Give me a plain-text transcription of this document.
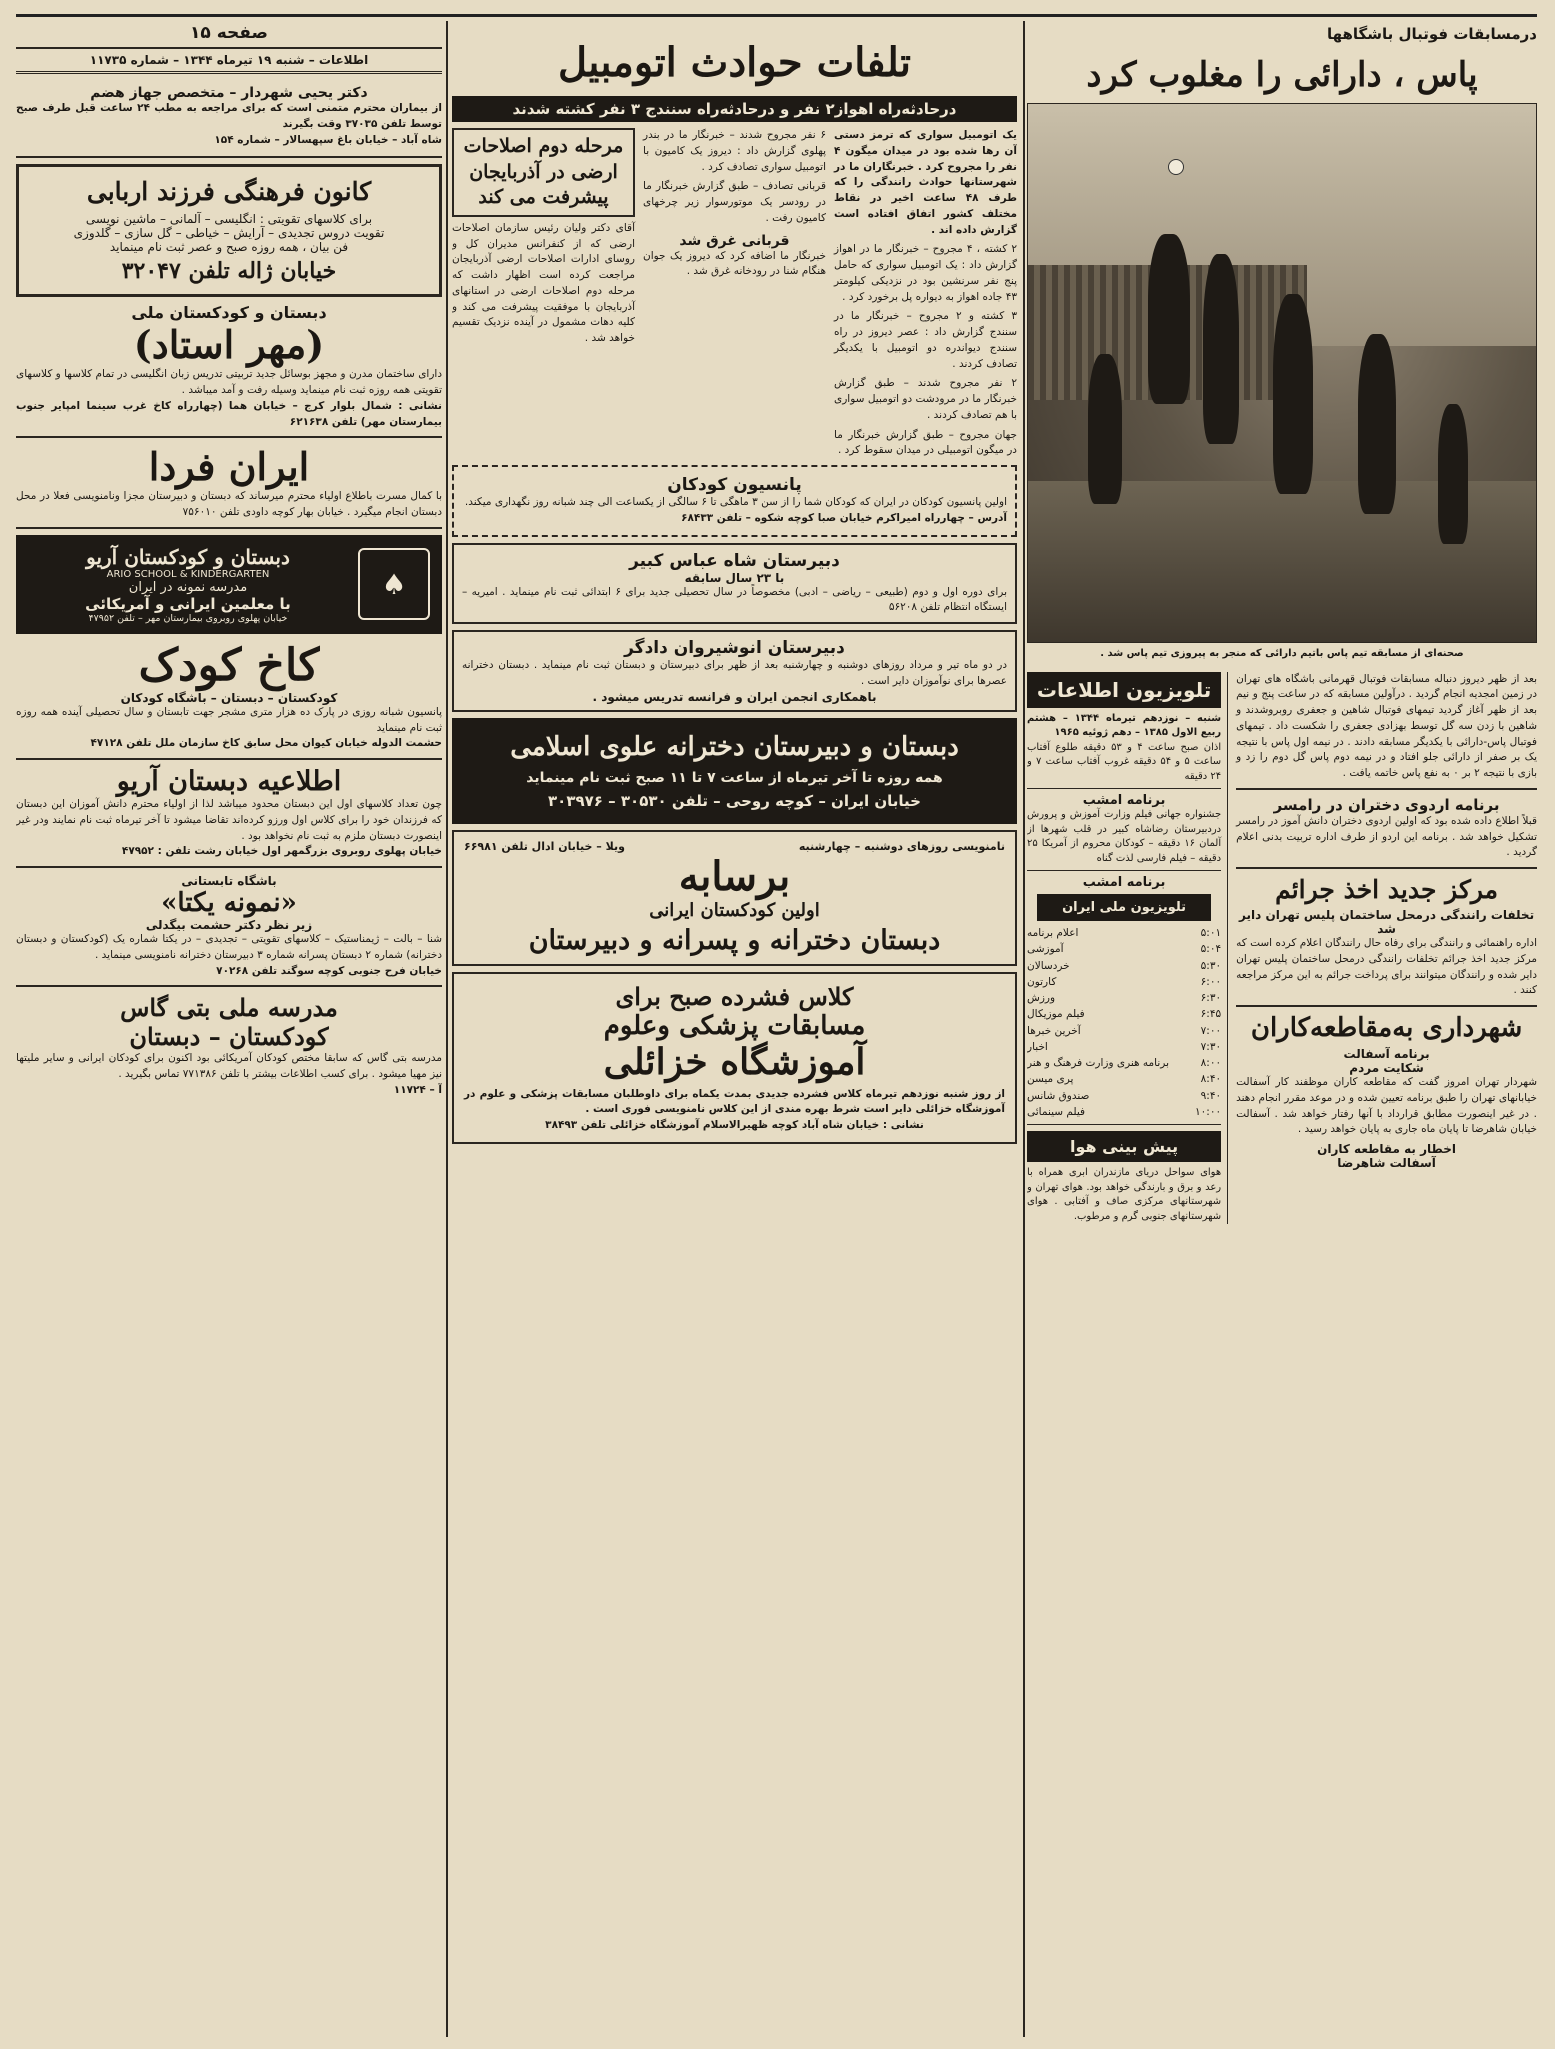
درمسابقات فوتبال باشگاهها
صفحه ۱۵
اطلاعات – شنبه ۱۹ تیرماه ۱۳۴۴ – شماره ۱۱۷۳۵	پاس ، دارائی را مغلوب کرد
صحنه‌ای از مسابقه تیم پاس باتیم دارائی که منجر به پیروزی تیم پاس شد .
بعد از ظهر دیروز دنباله مسابقات فوتبال قهرمانی باشگاه های تهران در زمین امجدیه انجام گردید . درآولین مسابقه که در ساعت پنج و نیم بعد از ظهر آغاز گردید تیمهای فوتبال شاهین و جعفری روبروشدند و شاهین با زدن سه گل توسط بهزادی جعفری را شکست داد . تیمهای فوتبال پاس-دارائی با یکدیگر مسابقه دادند . در نیمه اول پاس با نتیجه یک بر صفر از دارائی جلو افتاد و در نیمه دوم پاس گل دوم را زد و بازی با نتیجه ۲ بر ۰ به نفع پاس خاتمه یافت .
برنامه اردوی دختران در رامسر
قبلاً اطلاع داده شده بود که اولین اردوی دختران دانش آموز در رامسر تشکیل خواهد شد . برنامه این اردو از طرف اداره تربیت بدنی اعلام گردید .
مرکز جدید اخذ جرائم
تخلفات رانندگی درمحل ساختمان پلیس تهران دایر شد
اداره راهنمائی و رانندگی برای رفاه حال رانندگان اعلام کرده است که مرکز جدید اخذ جرائم تخلفات رانندگی درمحل ساختمان پلیس تهران دایر شده و رانندگان میتوانند برای پرداخت جرائم به این مرکز مراجعه کنند .
شهرداری به‌مقاطعه‌کاران
برنامه آسفالت
شکایت مردم
شهردار تهران امروز گفت که مقاطعه کاران موظفند کار آسفالت خیابانهای تهران را طبق برنامه تعیین شده و در موعد مقرر انجام دهند . در غیر اینصورت مطابق قرارداد با آنها رفتار خواهد شد . آسفالت خیابان شاهرضا تا پایان ماه جاری به پایان خواهد رسید .
اخطار به مقاطعه کاران
آسفالت شاهرضا
تلویزیون اطلاعات
شنبه – نوزدهم تیرماه ۱۳۴۴ – هشتم ربیع الاول ۱۳۸۵ – دهم ژوئیه ۱۹۶۵
اذان صبح ساعت ۴ و ۵۳ دقیقه طلوع آفتاب ساعت ۵ و ۵۴ دقیقه غروب آفتاب ساعت ۷ و ۲۴ دقیقه
برنامه امشب
جشنواره جهانی فیلم وزارت آموزش و پرورش دردبیرستان رضاشاه کبیر در قلب شهرها از آلمان ۱۶ دقیقه – کودکان محروم از آمریکا ۲۵ دقیقه – فیلم فارسی لذت گناه
برنامه امشب
تلویزیون ملی ایران
۵:۰۱
اعلام برنامه
۵:۰۴
آموزشی
۵:۳۰
خردسالان
۶:۰۰
کارتون
۶:۳۰
ورزش
۶:۴۵
فیلم موزیکال
۷:۰۰
آخرین خبرها
۷:۳۰
اخبار
۸:۰۰
برنامه هنری وزارت فرهنگ و هنر
۸:۴۰
پری میسن
۹:۴۰
صندوق شانس
۱۰:۰۰
فیلم سینمائی
پیش بینی هوا
هوای سواحل دریای مازندران ابری همراه با رعد و برق و بارندگی خواهد بود. هوای تهران و شهرستانهای مرکزی صاف و آفتابی . هوای شهرستانهای جنوبی گرم و مرطوب.
تلفات حوادث اتومبیل
درحادثه‌راه اهواز۲ نفر و درحادثه‌راه سنندج ۳ نفر کشته شدند
یک اتومبیل سواری که ترمز دستی آن رها شده بود در میدان میگون ۴ نفر را مجروح کرد . خبرنگاران ما در شهرستانها حوادث رانندگی را که طرف ۴۸ ساعت اخیر در نقاط مختلف کشور اتفاق افتاده است گزارش داده اند .
۲ کشته ، ۴ مجروح – خبرنگار ما در اهواز گزارش داد : یک اتومبیل سواری که حامل پنج نفر سرنشین بود در نزدیکی کیلومتر ۴۳ جاده اهواز به دیواره پل برخورد کرد .
۳ کشته و ۲ مجروح – خبرنگار ما در سنندج گزارش داد : عصر دیروز در راه سنندج دیواندره دو اتومبیل با یکدیگر تصادف کردند .
۲ نفر مجروح شدند – طبق گزارش خبرنگار ما در مرودشت دو اتومبیل سواری با هم تصادف کردند .
جهان مجروح – طبق گزارش خبرنگار ما در میگون اتومبیلی در میدان سقوط کرد .
۶ نفر مجروح شدند – خبرنگار ما در بندر پهلوی گزارش داد : دیروز یک کامیون با اتومبیل سواری تصادف کرد .
قربانی تصادف – طبق گزارش خبرنگار ما در رودسر یک موتورسوار زیر چرخهای کامیون رفت .
قربانی غرق شد
خبرنگار ما اضافه کرد که دیروز یک جوان هنگام شنا در رودخانه غرق شد .
مرحله دوم اصلاحات ارضی در آذربایجان پیشرفت می کند
آقای دکتر ولیان رئیس سازمان اصلاحات ارضی که از کنفرانس مدیران کل و روسای ادارات اصلاحات ارضی آذربایجان مراجعت کرده است اظهار داشت که مرحله دوم اصلاحات ارضی در استانهای آذربایجان با موفقیت پیشرفت می کند و کلیه دهات مشمول در آینده نزدیک تقسیم خواهد شد .
پانسیون کودکان
اولین پانسیون کودکان در ایران که کودکان شما را از سن ۳ ماهگی تا ۶ سالگی از یکساعت الی چند شبانه روز نگهداری میکند.
آدرس – چهارراه امیراکرم خیابان صبا کوچه شکوه – تلفن ۶۸۴۳۳
دبیرستان شاه عباس کبیر
با ۲۳ سال سابقه
برای دوره اول و دوم (طبیعی – ریاضی – ادبی) مخصوصاً در سال تحصیلی جدید برای ۶ ابتدائی ثبت نام مینماید . امیریه – ایستگاه انتظام تلفن ۵۶۲۰۸
دبیرستان انوشیروان دادگر
در دو ماه تیر و مرداد روزهای دوشنبه و چهارشنبه بعد از ظهر برای دبیرستان و دبستان ثبت نام مینماید . دبستان دخترانه عصرها برای نوآموزان دایر است .
باهمکاری انجمن ایران و فرانسه تدریس میشود .
دبستان و دبیرستان دخترانه علوی اسلامی
همه روزه تا آخر تیرماه از ساعت ۷ تا ۱۱ صبح ثبت نام مینماید
خیابان ایران – کوچه روحی – تلفن ۳۰۵۳۰ – ۳۰۳۹۷۶
نامنویسی روزهای دوشنبه – چهارشنبه
ویلا – خیابان ادال تلفن ۶۶۹۸۱
برسابه
اولین کودکستان ایرانی
دبستان دخترانه و پسرانه و دبیرستان
کلاس فشرده صبح برای
مسابقات پزشکی وعلوم
آموزشگاه خزائلی
از روز شنبه نوزدهم تیرماه کلاس فشرده جدیدی بمدت یکماه برای داوطلبان مسابقات پزشکی و علوم در آموزشگاه خزائلی دایر است شرط بهره مندی از این کلاس نامنویسی فوری است .
نشانی : خیابان شاه آباد کوچه ظهیرالاسلام آموزشگاه خزائلی تلفن ۳۸۴۹۳
دکتر یحیی شهردار – متخصص جهاز هضم
از بیماران محترم متمنی است که برای مراجعه به مطب ۲۴ ساعت قبل طرف صبح توسط تلفن ۳۷۰۳۵ وقت بگیرند
شاه آباد – خیابان باغ سپهسالار – شماره ۱۵۴
کانون فرهنگی فرزند اربابی
برای کلاسهای تقویتی : انگلیسی – آلمانی – ماشین نویسی
تقویت دروس تجدیدی – آرایش – خیاطی – گل سازی – گلدوزی
فن بیان ، همه روزه صبح و عصر ثبت نام مینماید
خیابان ژاله تلفن ۳۲۰۴۷
دبستان و کودکستان ملی
(مهر استاد)
دارای ساختمان مدرن و مجهز بوسائل جدید تربیتی تدریس زبان انگلیسی در تمام کلاسها و کلاسهای تقویتی همه روزه ثبت نام مینماید وسیله رفت و آمد میباشد .
نشانی : شمال بلوار کرج – خیابان هما (چهارراه کاخ غرب سینما امپایر جنوب بیمارستان مهر) تلفن ۶۲۱۶۳۸
ایران فردا
با کمال مسرت باطلاع اولیاء محترم میرساند که دبستان و دبیرستان مجزا ونامنویسی فعلا در محل دبستان انجام میگیرد . خیابان بهار کوچه داودی تلفن ۷۵۶۰۱۰
♠
دبستان و کودکستان آریو
ARIO SCHOOL & KINDERGARTEN
مدرسه نمونه در ایران
با معلمین ایرانی و آمریکائی
خیابان پهلوی روبروی بیمارستان مهر – تلفن ۴۷۹۵۲
کاخ کودک
کودکستان – دبستان – باشگاه کودکان
پانسیون شبانه روزی در پارک ده هزار متری مشجر جهت تابستان و سال تحصیلی آینده همه روزه ثبت نام مینماید
حشمت الدوله خیابان کیوان محل سابق کاخ سازمان ملل تلفن ۴۷۱۲۸
اطلاعیه دبستان آریو
چون تعداد کلاسهای اول این دبستان محدود میباشد لذا از اولیاء محترم دانش آموزان این دبستان که فرزندان خود را برای کلاس اول ورزو کرده‌اند تقاضا میشود تا آخر تیرماه ثبت نام نمایند ودر غیر اینصورت دبستان ملزم به ثبت نام نخواهد بود .
خیابان پهلوی روبروی بزرگمهر اول خیابان رشت تلفن : ۴۷۹۵۲
باشگاه تابستانی
«نمونه یکتا»
زیر نظر دکتر حشمت بیگدلی
شنا – بالت – ژیمناستیک – کلاسهای تقویتی – تجدیدی – در یکتا شماره یک (کودکستان و دبستان دخترانه) شماره ۲ دبستان پسرانه شماره ۳ دبیرستان دخترانه نامنویسی مینماید .
خیابان فرح جنوبی کوچه سوگند تلفن ۷۰۲۶۸
مدرسه ملی بتی گاس
کودکستان – دبستان
مدرسه بتی گاس که سابقا مختص کودکان آمریکائی بود اکنون برای کودکان ایرانی و سایر ملیتها نیز مهیا میشود . برای کسب اطلاعات بیشتر با تلفن ۷۷۱۳۸۶ تماس بگیرید .
آ – ۱۱۷۲۴
